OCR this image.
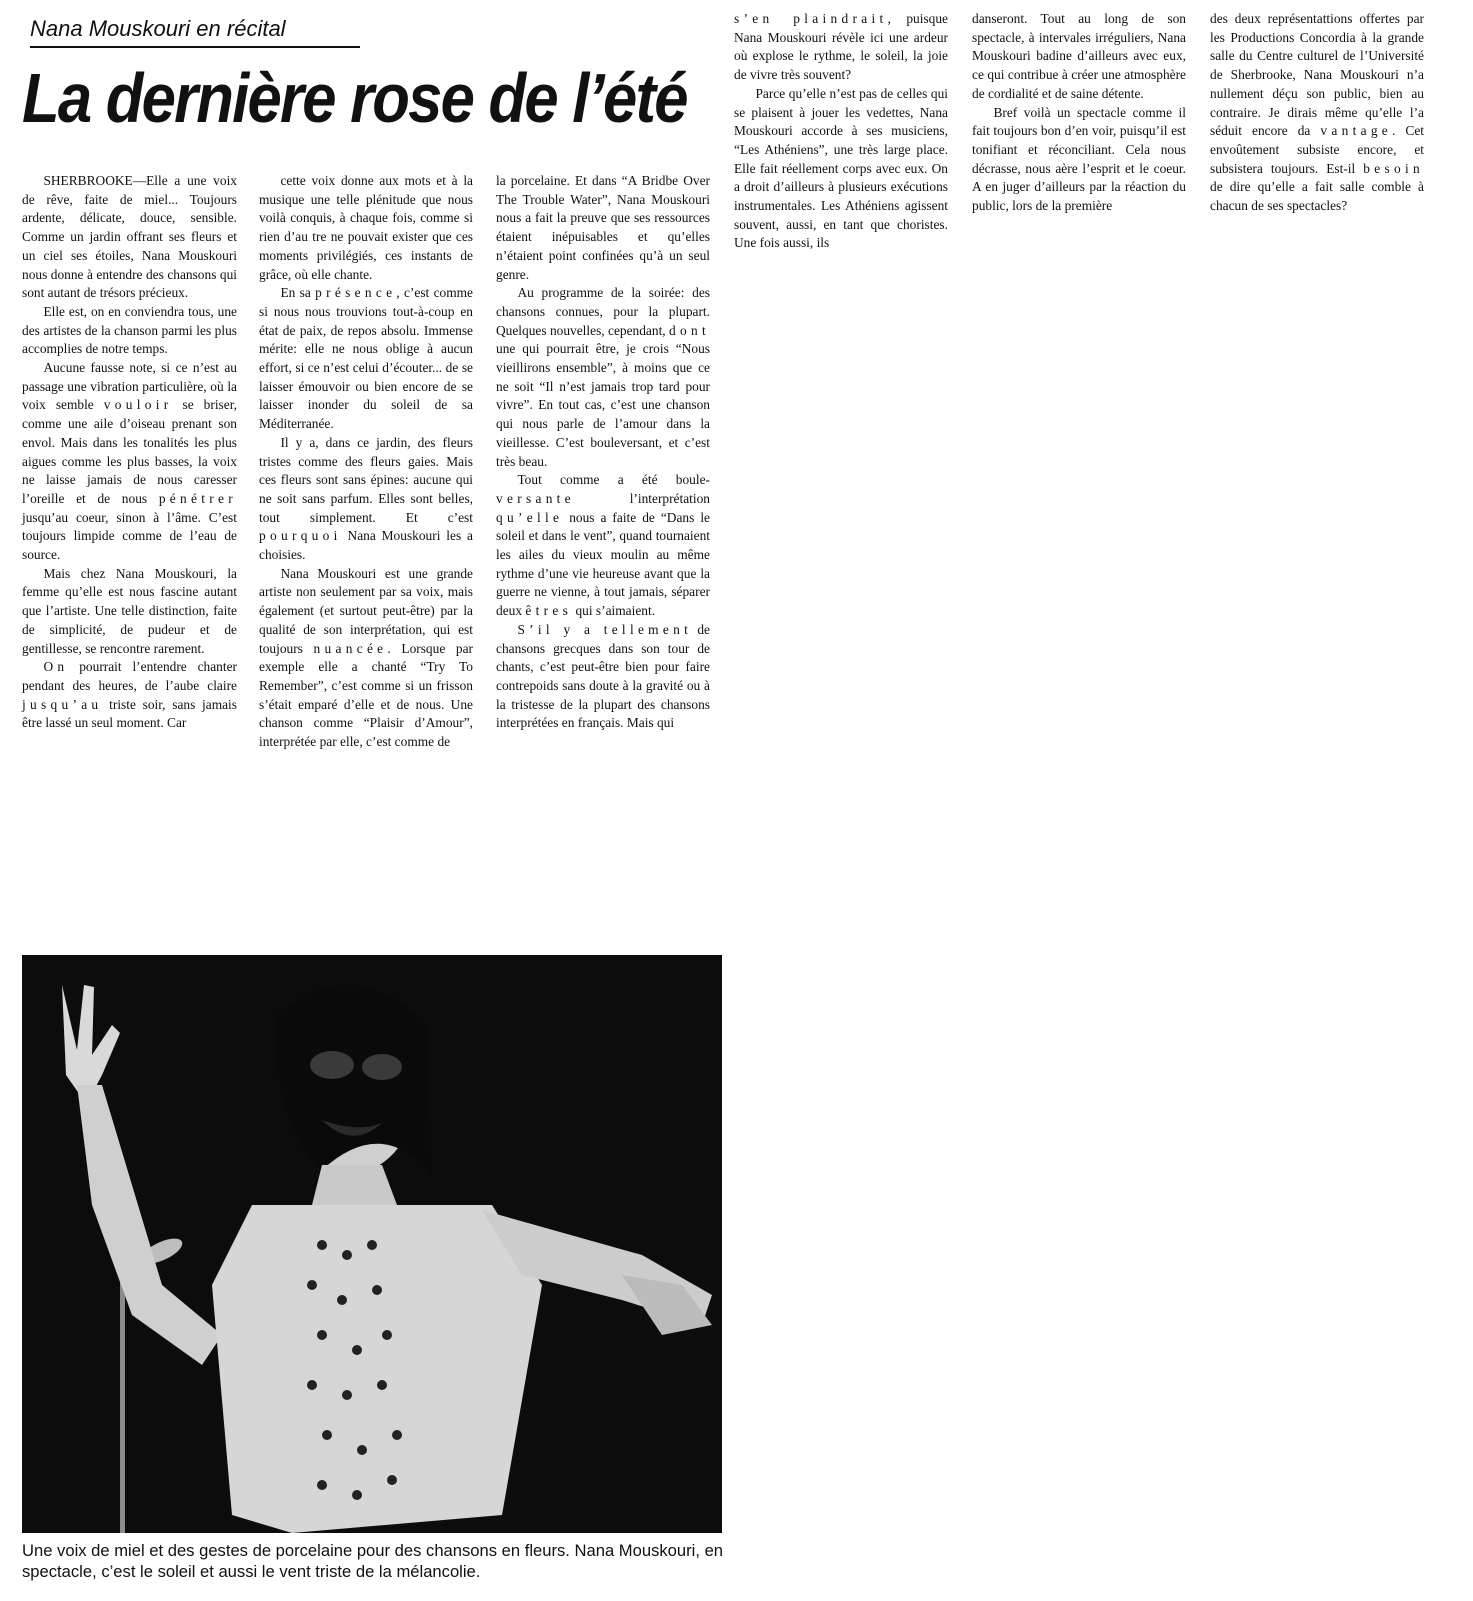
Nana Mouskouri en récital
La dernière rose de l’été

SHERBROOKE—Elle a une voix de rêve, faite de miel... Toujours ardente, délicate, douce, sensible. Comme un jardin offrant ses fleurs et un ciel ses étoiles, Nana Mouskouri nous donne à entendre des chansons qui sont autant de trésors précieux.

Elle est, on en conviendra tous, une des artistes de la chanson parmi les plus accomplies de notre temps.

Aucune fausse note, si ce n’est au passage une vibration particulière, où la voix semble vouloir se briser, comme une aile d’oiseau prenant son envol. Mais dans les tonalités les plus aigues comme les plus basses, la voix ne laisse jamais de nous caresser l’oreille et de nous pénétrer jusqu’au coeur, sinon à l’âme. C’est toujours limpide comme de l’eau de source.

Mais chez Nana Mouskouri, la femme qu’elle est nous fascine autant que l’artiste. Une telle distinction, faite de simplicité, de pudeur et de gentillesse, se rencontre rarement.

On pourrait l’entendre chanter pendant des heures, de l’aube claire jusqu’au triste soir, sans jamais être lassé un seul moment. Car

cette voix donne aux mots et à la musique une telle plénitude que nous voilà conquis, à chaque fois, comme si rien d’au tre ne pouvait exister que ces moments privilégiés, ces instants de grâce, où elle chante.

En sa présence, c’est comme si nous nous trouvions tout-à-coup en état de paix, de repos absolu. Immense mérite: elle ne nous oblige à aucun effort, si ce n’est celui d’écouter... de se laisser émouvoir ou bien encore de se laisser inonder du soleil de sa Méditerranée.

Il y a, dans ce jardin, des fleurs tristes comme des fleurs gaies. Mais ces fleurs sont sans épines: aucune qui ne soit sans parfum. Elles sont belles, tout simplement. Et c’est pourquoi Nana Mouskouri les a choisies.

Nana Mouskouri est une grande artiste non seulement par sa voix, mais également (et surtout peut-être) par la qualité de son interprétation, qui est toujours nuancée. Lorsque par exemple elle a chanté “Try To Remember”, c’est comme si un frisson s’était emparé d’elle et de nous. Une chanson comme “Plaisir d’Amour”, interprétée par elle, c’est comme de

la porcelaine. Et dans “A Bridbe Over The Trouble Water”, Nana Mouskouri nous a fait la preuve que ses ressources étaient inépuisables et qu’elles n’étaient point confinées qu’à un seul genre.

Au programme de la soirée: des chansons connues, pour la plupart. Quelques nouvelles, cependant, dont une qui pourrait être, je crois “Nous vieillirons ensemble”, à moins que ce ne soit “Il n’est jamais trop tard pour vivre”. En tout cas, c’est une chanson qui nous parle de l’amour dans la vieillesse. C’est bouleversant, et c’est très beau.

Tout comme a été boule-versante	l’interprétation qu’elle nous a faite de “Dans le soleil et dans le vent”, quand tournaient les ailes du vieux moulin au même rythme d’une vie heureuse avant que la guerre ne vienne, à tout jamais, séparer deux êtres qui s’aimaient.

S’il y a tellement de chansons grecques dans son tour de chants, c’est peut-être bien pour faire contrepoids sans doute à la gravité ou à la tristesse de la plupart des chansons interprétées en français. Mais qui

s’en plaindrait, puisque Nana Mouskouri révèle ici une ardeur où explose le rythme, le soleil, la joie de vivre très souvent?

Parce qu’elle n’est pas de celles qui se plaisent à jouer les vedettes, Nana Mouskouri accorde à ses musiciens, “Les Athéniens”, une très large place. Elle fait réellement corps avec eux. On a droit d’ailleurs à plusieurs exécutions instrumentales. Les Athéniens agissent souvent, aussi, en tant que choristes. Une fois aussi, ils

danseront. Tout au long de son spectacle, à intervales irréguliers, Nana Mouskouri badine d’ailleurs avec eux, ce qui contribue à créer une atmosphère de cordialité et de saine détente.

Bref voilà un spectacle comme il fait toujours bon d’en voir, puisqu’il est tonifiant et réconciliant. Cela nous décrasse, nous aère l’esprit et le coeur. A en juger d’ailleurs par la réaction du public, lors de la première

des deux représentattions offertes par les Productions Concordia à la grande salle du Centre culturel de l’Université de Sherbrooke, Nana Mouskouri n’a nullement déçu son public, bien au contraire. Je dirais même qu’elle l’a séduit encore da vantage. Cet envoûtement subsiste encore, et subsistera toujours. Est-il besoin de dire qu’elle a fait salle comble à chacun de ses spectacles?

Une voix de miel et des gestes de porcelaine pour des chansons en fleurs. Nana Mouskouri, en spectacle, c’est le soleil et aussi le vent triste de la mélancolie.
